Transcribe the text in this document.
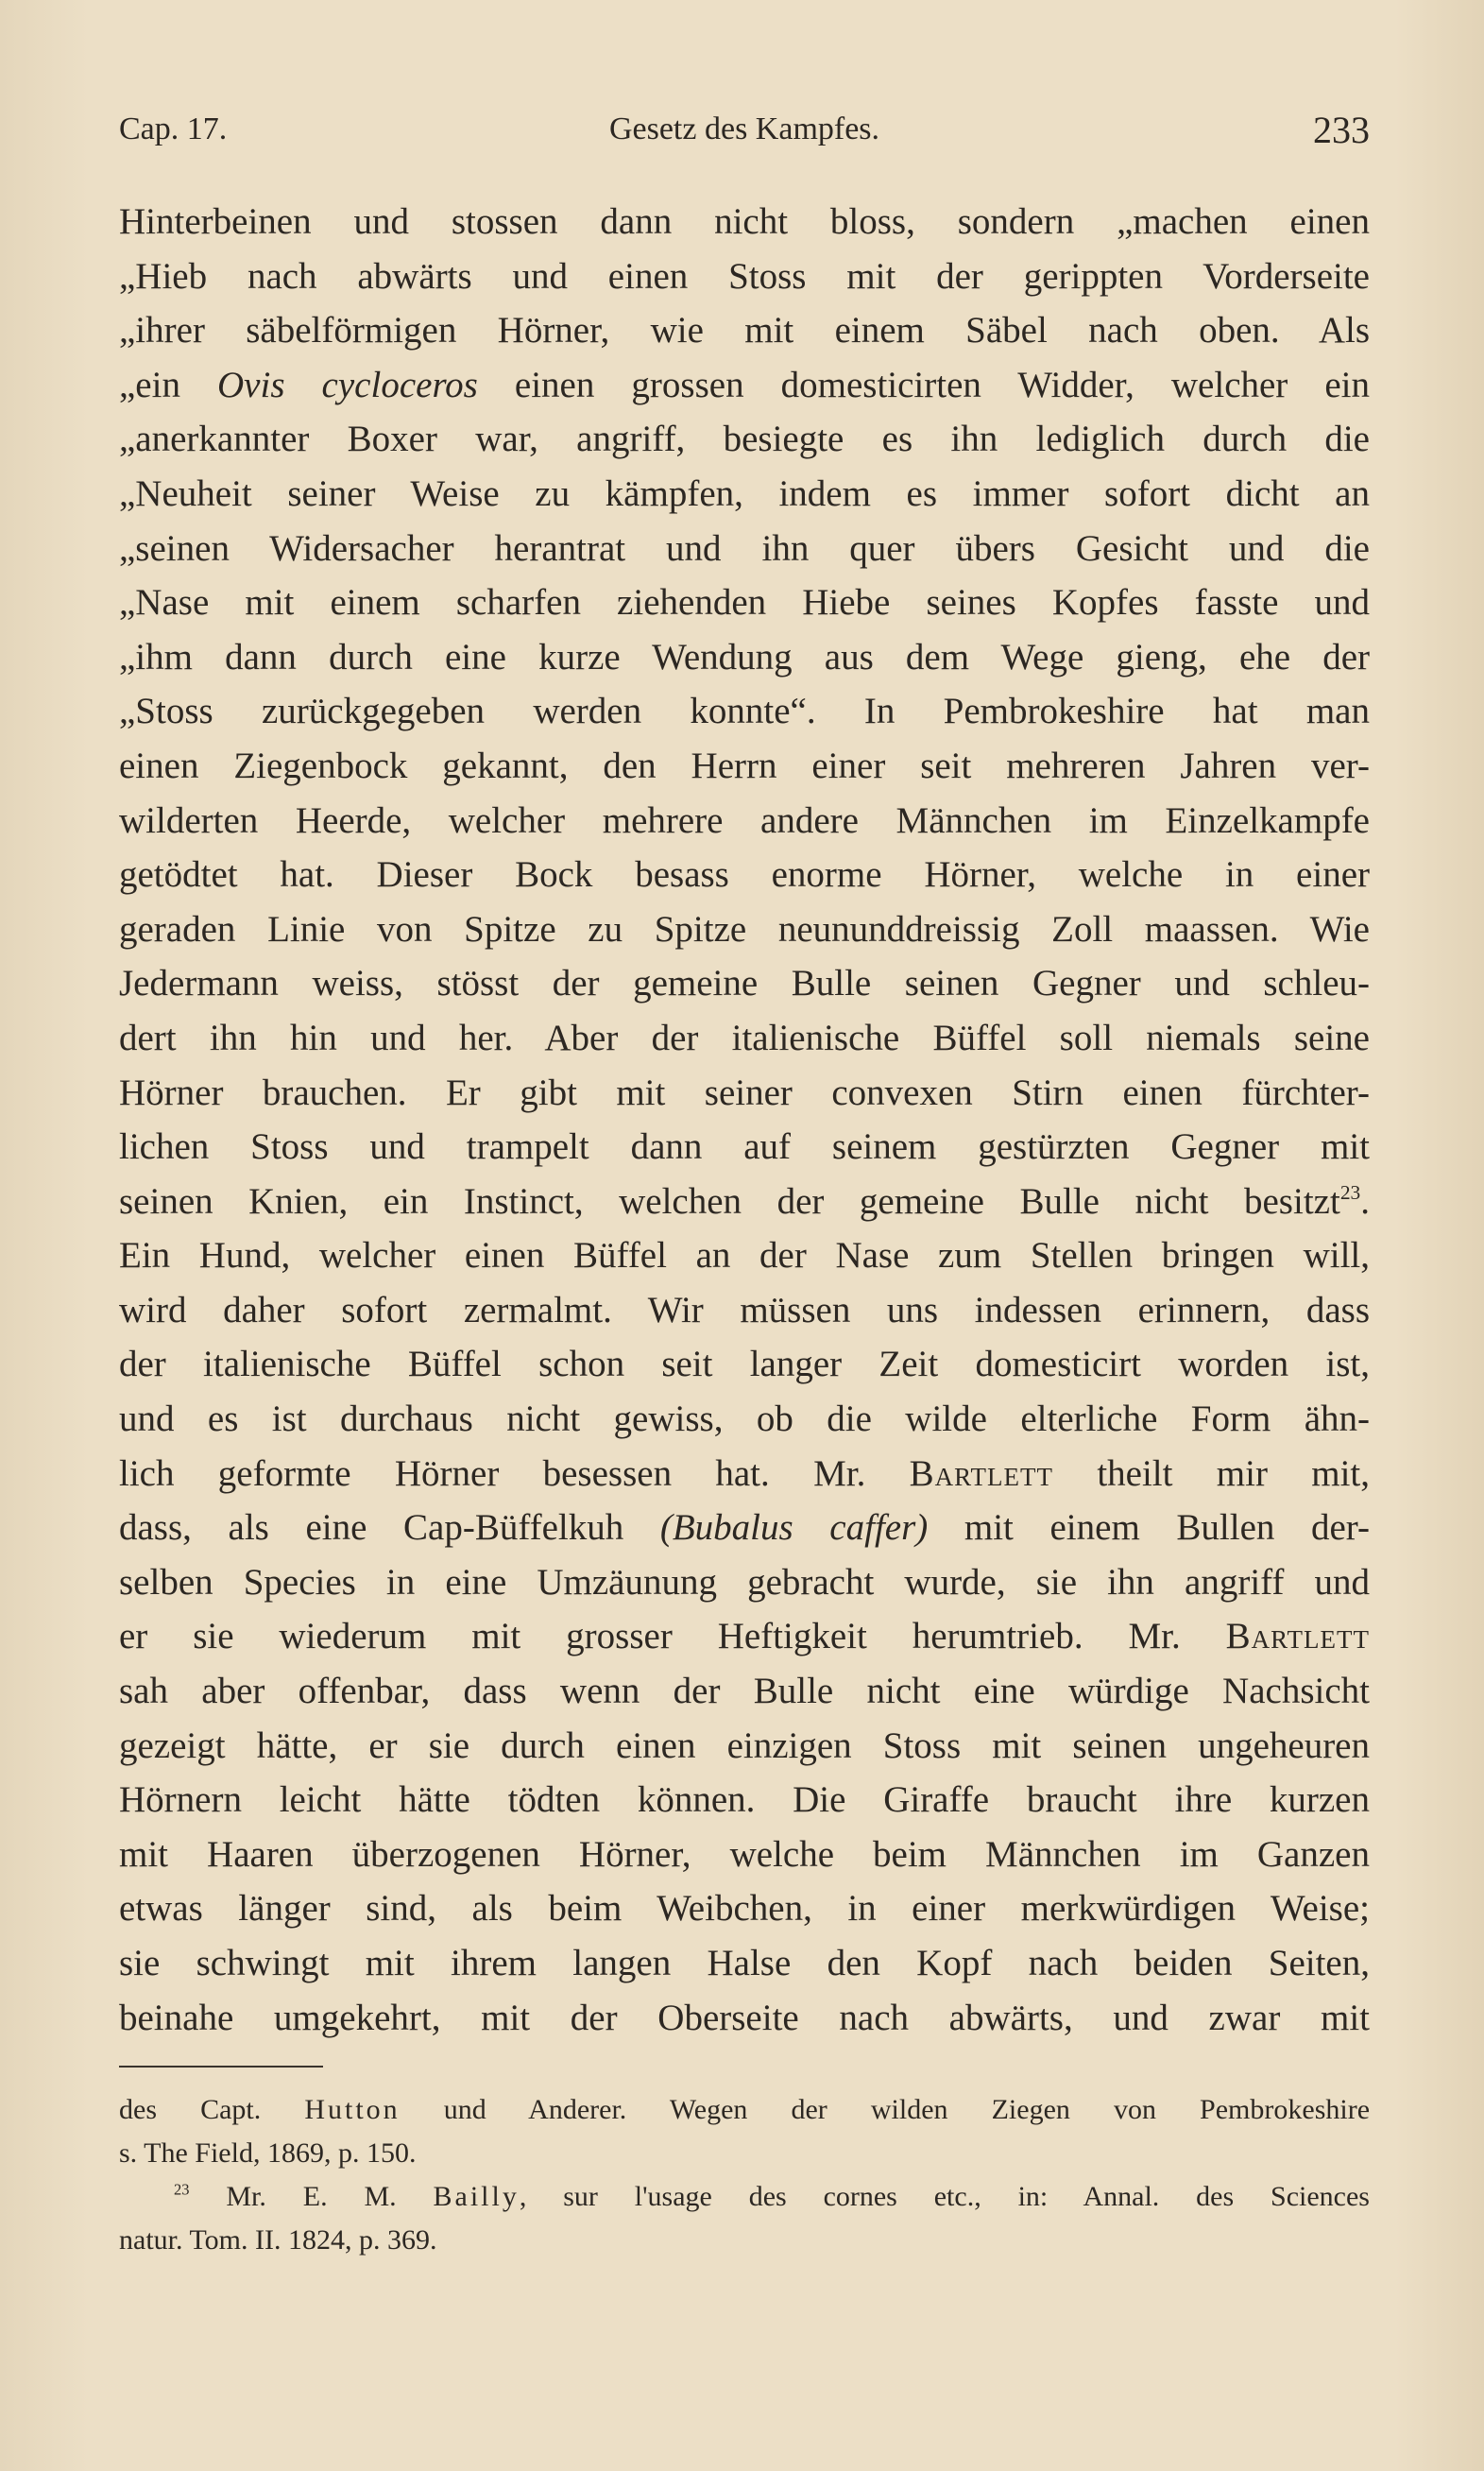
Cap. 17.	Gesetz des Kampfes.	233
Hinterbeinen und stossen dann nicht bloss, sondern „machen einen
„Hieb nach abwärts und einen Stoss mit der gerippten Vorderseite
„ihrer säbelförmigen Hörner, wie mit einem Säbel nach oben. Als
„ein Ovis cycloceros einen grossen domesticirten Widder, welcher ein
„anerkannter Boxer war, angriff, besiegte es ihn lediglich durch die
„Neuheit seiner Weise zu kämpfen, indem es immer sofort dicht an
„seinen Widersacher herantrat und ihn quer übers Gesicht und die
„Nase mit einem scharfen ziehenden Hiebe seines Kopfes fasste und
„ihm dann durch eine kurze Wendung aus dem Wege gieng, ehe der
„Stoss zurückgegeben werden konnte“. In Pembrokeshire hat man
einen Ziegenbock gekannt, den Herrn einer seit mehreren Jahren ver-
wilderten Heerde, welcher mehrere andere Männchen im Einzelkampfe
getödtet hat. Dieser Bock besass enorme Hörner, welche in einer
geraden Linie von Spitze zu Spitze neununddreissig Zoll maassen. Wie
Jedermann weiss, stösst der gemeine Bulle seinen Gegner und schleu-
dert ihn hin und her. Aber der italienische Büffel soll niemals seine
Hörner brauchen. Er gibt mit seiner convexen Stirn einen fürchter-
lichen Stoss und trampelt dann auf seinem gestürzten Gegner mit
seinen Knien, ein Instinct, welchen der gemeine Bulle nicht besitzt$^{23}$.
Ein Hund, welcher einen Büffel an der Nase zum Stellen bringen will,
wird daher sofort zermalmt. Wir müssen uns indessen erinnern, dass
der italienische Büffel schon seit langer Zeit domesticirt worden ist,
und es ist durchaus nicht gewiss, ob die wilde elterliche Form ähn-
lich geformte Hörner besessen hat. Mr. Bartlett theilt mir mit,
dass, als eine Cap-Büffelkuh (Bubalus caffer) mit einem Bullen der-
selben Species in eine Umzäunung gebracht wurde, sie ihn angriff und
er sie wiederum mit grosser Heftigkeit herumtrieb. Mr. Bartlett
sah aber offenbar, dass wenn der Bulle nicht eine würdige Nachsicht
gezeigt hätte, er sie durch einen einzigen Stoss mit seinen ungeheuren
Hörnern leicht hätte tödten können. Die Giraffe braucht ihre kurzen
mit Haaren überzogenen Hörner, welche beim Männchen im Ganzen
etwas länger sind, als beim Weibchen, in einer merkwürdigen Weise;
sie schwingt mit ihrem langen Halse den Kopf nach beiden Seiten,
beinahe umgekehrt, mit der Oberseite nach abwärts, und zwar mit
des Capt. Hutton und Anderer. Wegen der wilden Ziegen von Pembrokeshire
s. The Field, 1869, p. 150.
$^{23}$ Mr. E. M. Bailly, sur l'usage des cornes etc., in: Annal. des Sciences
natur. Tom. II. 1824, p. 369.
